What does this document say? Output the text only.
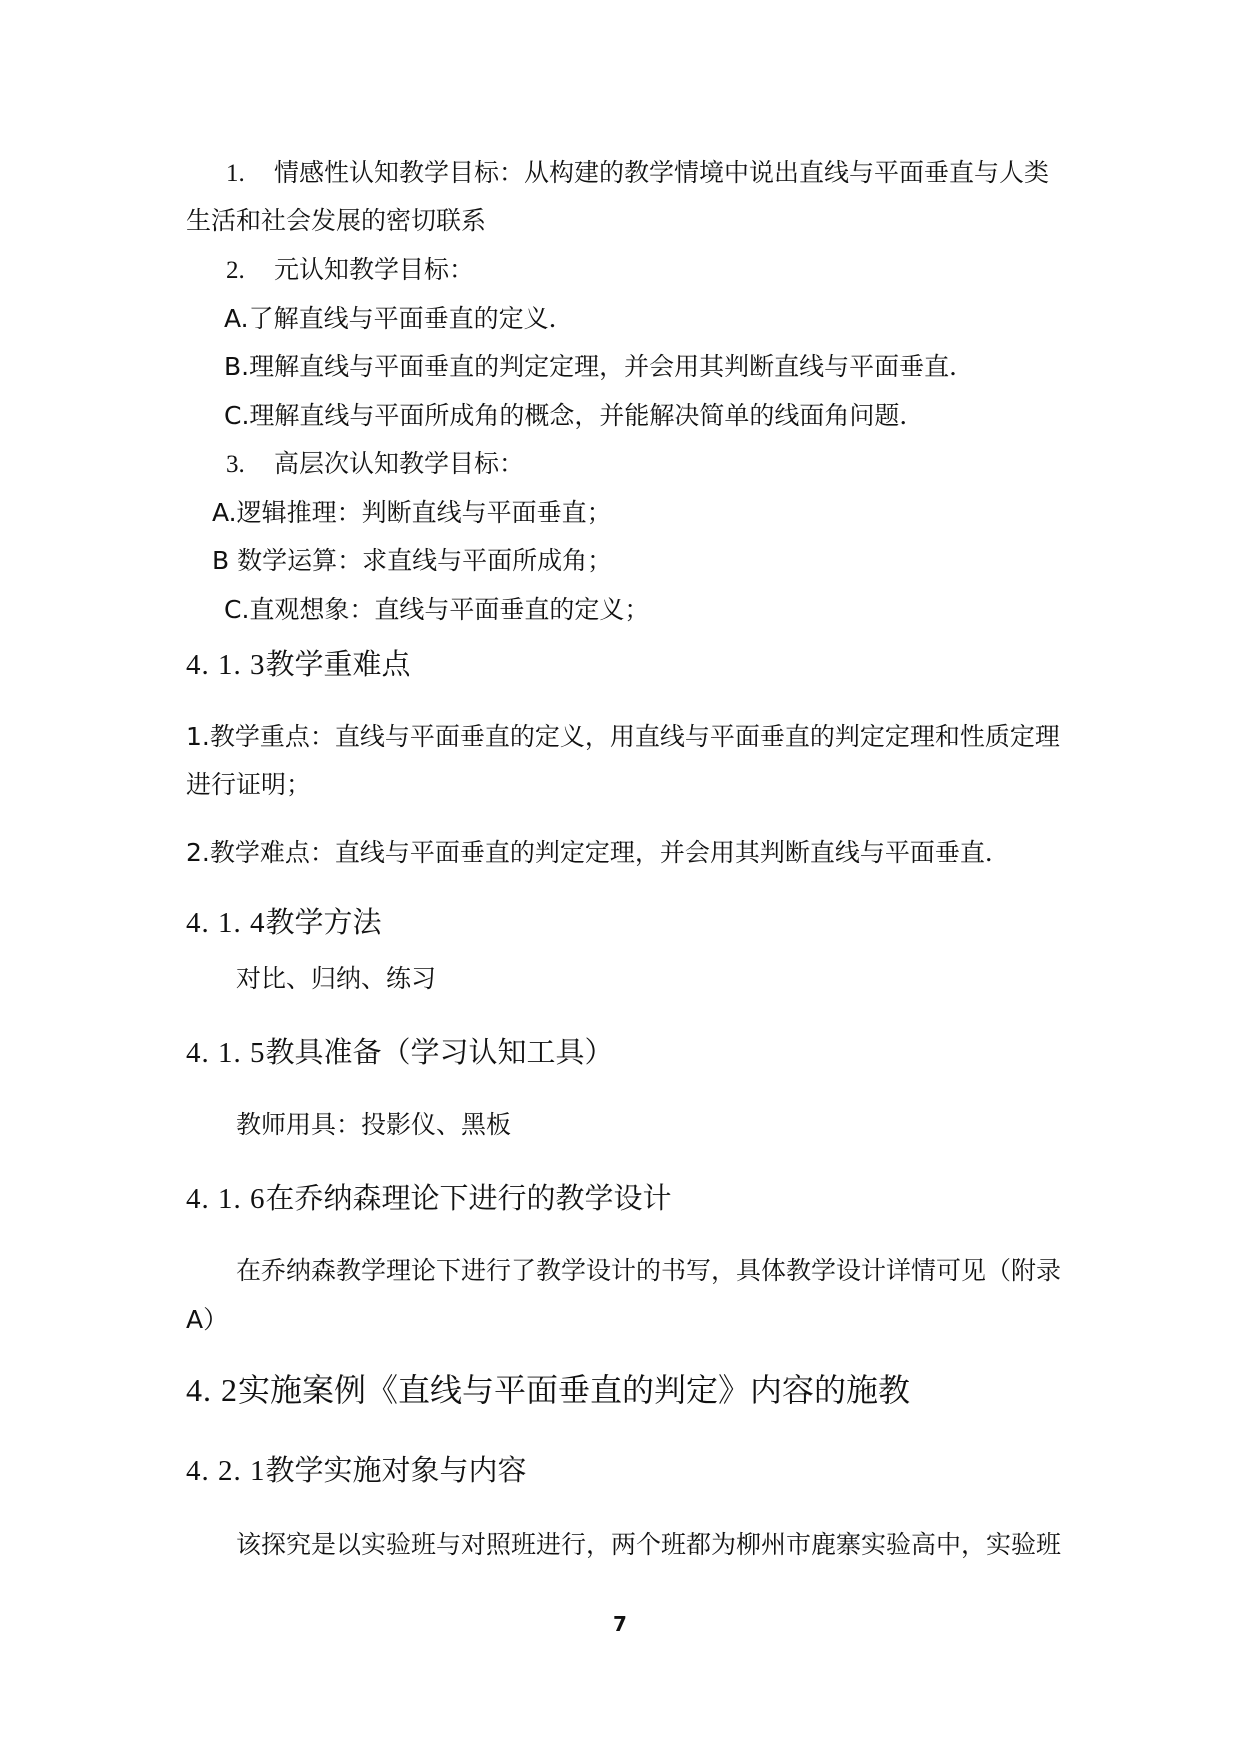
1. 情感性认知教学目标：从构建的教学情境中说出直线与平面垂直与人类
生活和社会发展的密切联系
2. 元认知教学目标：
A.了解直线与平面垂直的定义．
B.理解直线与平面垂直的判定定理，并会用其判断直线与平面垂直．
C.理解直线与平面所成角的概念，并能解决简单的线面角问题．
3. 高层次认知教学目标：
A.逻辑推理：判断直线与平面垂直；
B 数学运算：求直线与平面所成角；
C.直观想象：直线与平面垂直的定义；
4. 1. 3教学重难点
1.教学重点：直线与平面垂直的定义，用直线与平面垂直的判定定理和性质定理
进行证明；
2.教学难点：直线与平面垂直的判定定理，并会用其判断直线与平面垂直．
4. 1. 4教学方法
对比、归纳、练习
4. 1. 5教具准备（学习认知工具）
教师用具：投影仪、黑板
4. 1. 6在乔纳森理论下进行的教学设计
在乔纳森教学理论下进行了教学设计的书写，具体教学设计详情可见（附录
A）
4. 2实施案例《直线与平面垂直的判定》内容的施教
4. 2. 1教学实施对象与内容
该探究是以实验班与对照班进行，两个班都为柳州市鹿寨实验高中，实验班
7
